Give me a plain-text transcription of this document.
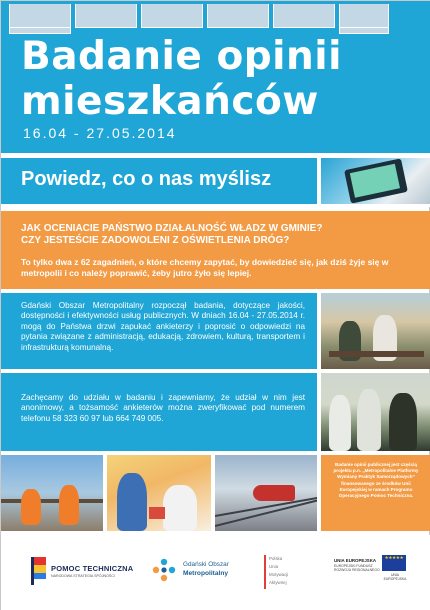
Badanie opinii
mieszkańców
16.04 - 27.05.2014
Powiedz, co o nas myślisz
JAK OCENIACIE PAŃSTWO DZIAŁALNOŚĆ WŁADZ W GMINIE?
CZY JESTEŚCIE ZADOWOLENI Z OŚWIETLENIA DRÓG?
To tylko dwa z 62 zagadnień, o które chcemy zapytać, by dowiedzieć się, jak dziś żyje się w metropolii i co należy poprawić, żeby jutro żyło się lepiej.
Gdański Obszar Metropolitalny rozpoczął badania, dotyczące jakości, dostępności i efektywności usług publicznych. W dniach 16.04 - 27.05.2014 r. mogą do Państwa drzwi zapukać ankieterzy i poprosić o odpowiedzi na pytania związane z administracją, edukacją, zdrowiem, kulturą, transportem i infrastrukturą komunalną.
Zachęcamy do udziału w badaniu i zapewniamy, że udział w nim jest anonimowy, a tożsamość ankieterów można zweryfikować pod numerem telefonu 58 323 60 97 lub 664 749 005.

Badanie opinii publicznej jest częścią projektu p.n. „Metropolitalne Platformy Wymiany Praktyk Samorządowych” finansowanego ze środków Unii Europejskiej w ramach Programu Operacyjnego Pomoc Techniczna.

POMOC TECHNICZNA
NARODOWA STRATEGIA SPÓJNOŚCI
Gdański Obszar
Metropolitalny
Polska
Unia
Motywacji
Aktywnej
UNIA EUROPEJSKA
EUROPEJSKI FUNDUSZ ROZWOJU REGIONALNEGO
★★★★★
UNIA EUROPEJSKA
